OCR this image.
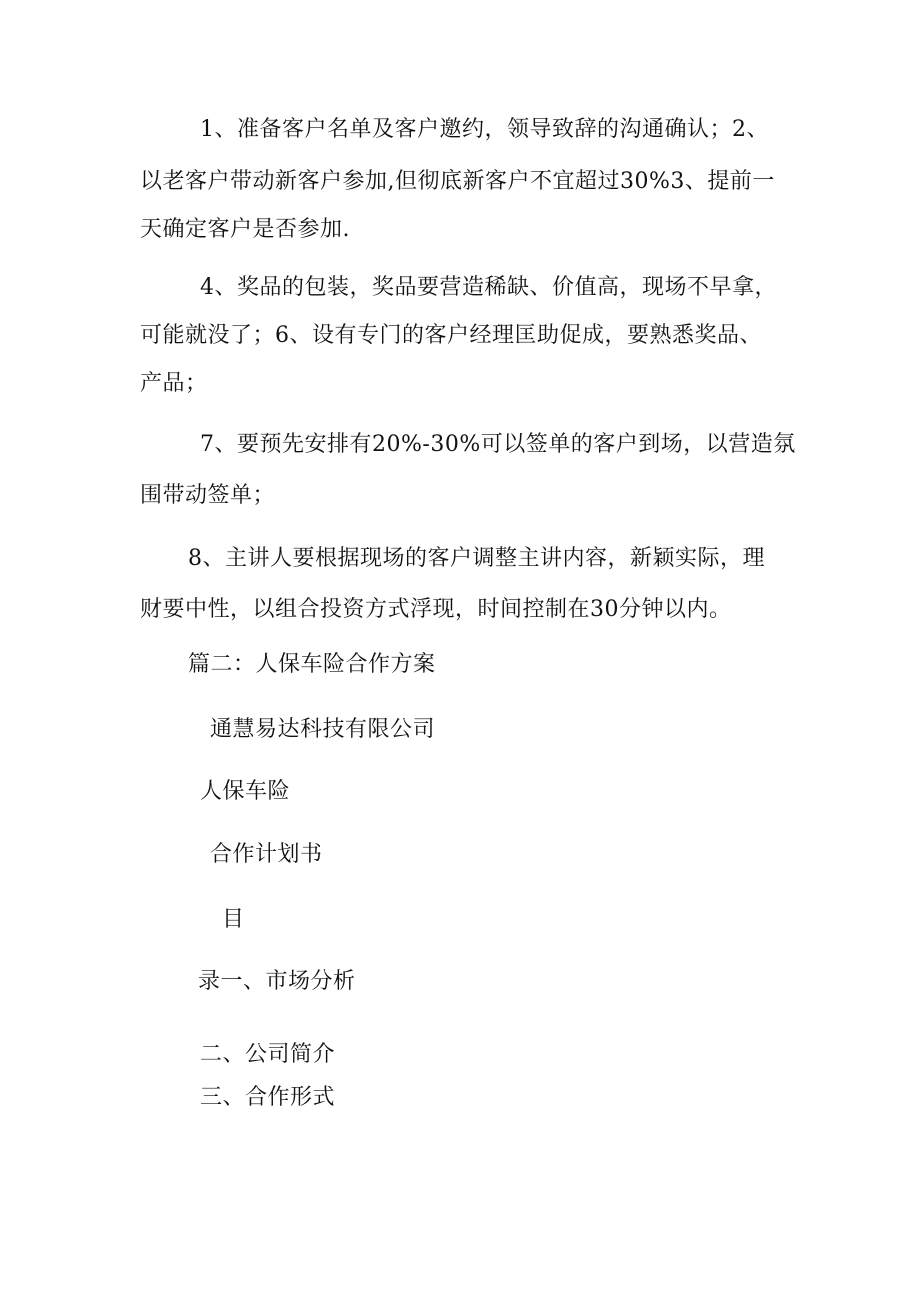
1、准备客户名单及客户邀约，领导致辞的沟通确认；2、
以老客户带动新客户参加,但彻底新客户不宜超过30%3、提前一
天确定客户是否参加.
4、奖品的包装，奖品要营造稀缺、价值高，现场不早拿，
可能就没了；6、设有专门的客户经理匡助促成，要熟悉奖品、
产品；
7、要预先安排有20%-30%可以签单的客户到场，以营造氛
围带动签单；
8、主讲人要根据现场的客户调整主讲内容，新颖实际，理
财要中性，以组合投资方式浮现，时间控制在30分钟以内。
篇二：人保车险合作方案
通慧易达科技有限公司
人保车险
合作计划书
目
录一、市场分析
二、公司简介
三、合作形式
